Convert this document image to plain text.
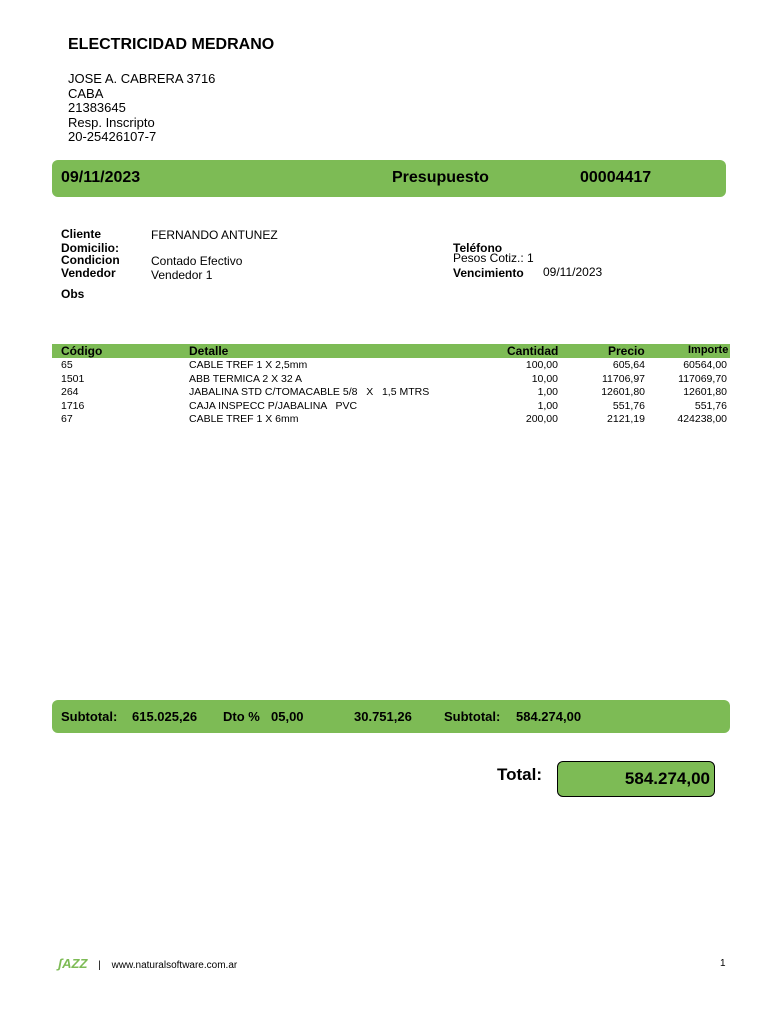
ELECTRICIDAD MEDRANO
JOSE A. CABRERA 3716
CABA
21383645
Resp. Inscripto
20-25426107-7
09/11/2023	Presupuesto	00004417
Cliente	FERNANDO ANTUNEZ
Domicilio:
Condicion	Contado Efectivo
Vendedor	Vendedor 1
Obs
Teléfono
Pesos Cotiz.: 1
Vencimiento 09/11/2023
Código	Detalle	Cantidad	Precio	Importe
65	CABLE TREF 1 X 2,5mm	100,00	605,64	60564,00
1501	ABB TERMICA 2 X 32 A	10,00	11706,97	117069,70
264	JABALINA STD C/TOMACABLE 5/8   X   1,5 MTRS	1,00	12601,80	12601,80
1716	CAJA INSPECC P/JABALINA   PVC	1,00	551,76	551,76
67	CABLE TREF 1 X 6mm	200,00	2121,19	424238,00
Subtotal: 615.025,26 Dto % 05,00	30.751,26 Subtotal: 584.274,00
Total:	584.274,00
ʃAZZ | www.naturalsoftware.com.ar	1
